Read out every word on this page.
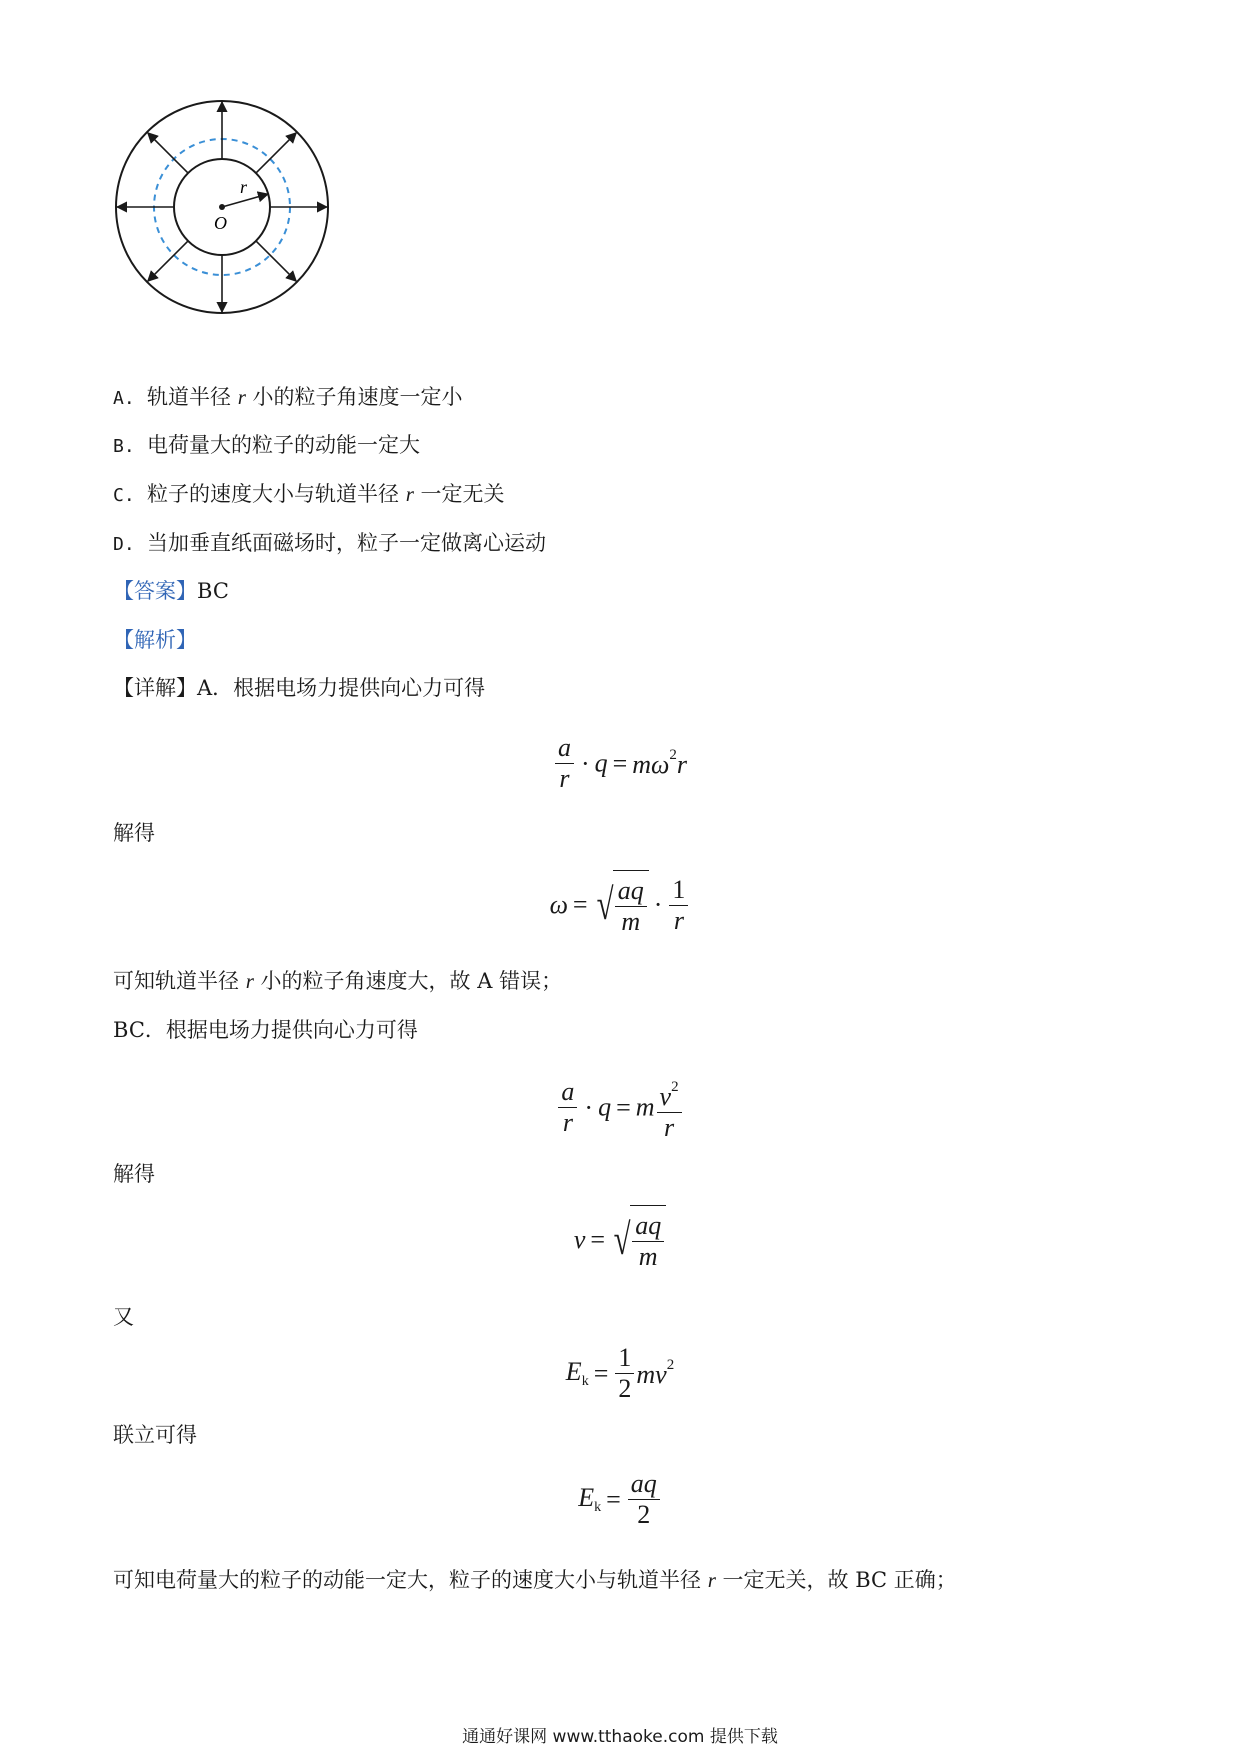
r
O
A. 轨道半径 r 小的粒子角速度一定小
B. 电荷量大的粒子的动能一定大
C. 粒子的速度大小与轨道半径 r 一定无关
D. 当加垂直纸面磁场时，粒子一定做离心运动
【答案】BC
【解析】
【详解】A．根据电场力提供向心力可得
$\frac{a}{r} \cdot q = m\omega^2r$
解得
ω = √ $\frac{aq}{m} \cdot \frac{1}{r}$
可知轨道半径 r 小的粒子角速度大，故 A 错误；
BC．根据电场力提供向心力可得
$\frac{a}{r} \cdot q = m \frac{v^2}{r}$
解得
v = √ $\frac{aq}{m}$
又
$E_k = \frac{1}{2} mv^2$
联立可得
$E_k = \frac{aq}{2}$
可知电荷量大的粒子的动能一定大，粒子的速度大小与轨道半径 r 一定无关，故 BC 正确；
通通好课网 www.tthaoke.com 提供下载
